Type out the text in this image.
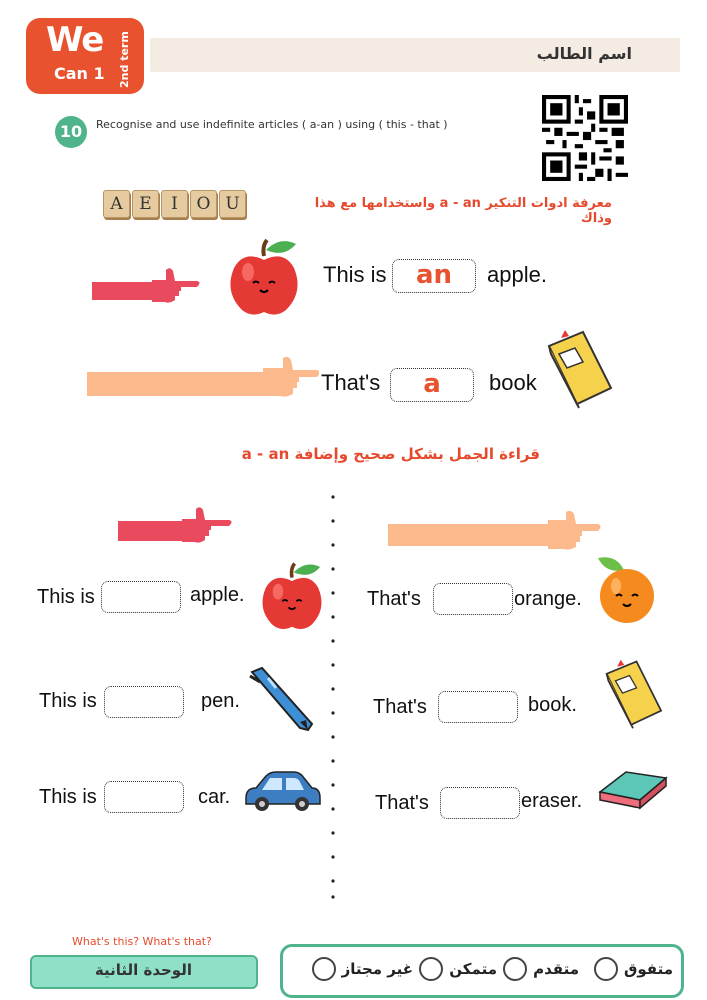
We
Can 1 2nd term	اسم الطالب
10	Recognise and use indefinite articles ( a-an ) using ( this - that )
A E	I	O U	معرفة ادوات التنكير a - an واستخدامها مع هذا وذاك
This is	an	apple.
That's	a	book
قراءة الجمل بشكل صحيح وإضافة a - an
This is	apple.
This is	pen.
This is	car.
That's	orange.
That's	book.
That's	eraser.
What's this? What's that?
الوحدة الثانية	متفوق
متقدم
متمكن
غير مجتاز
